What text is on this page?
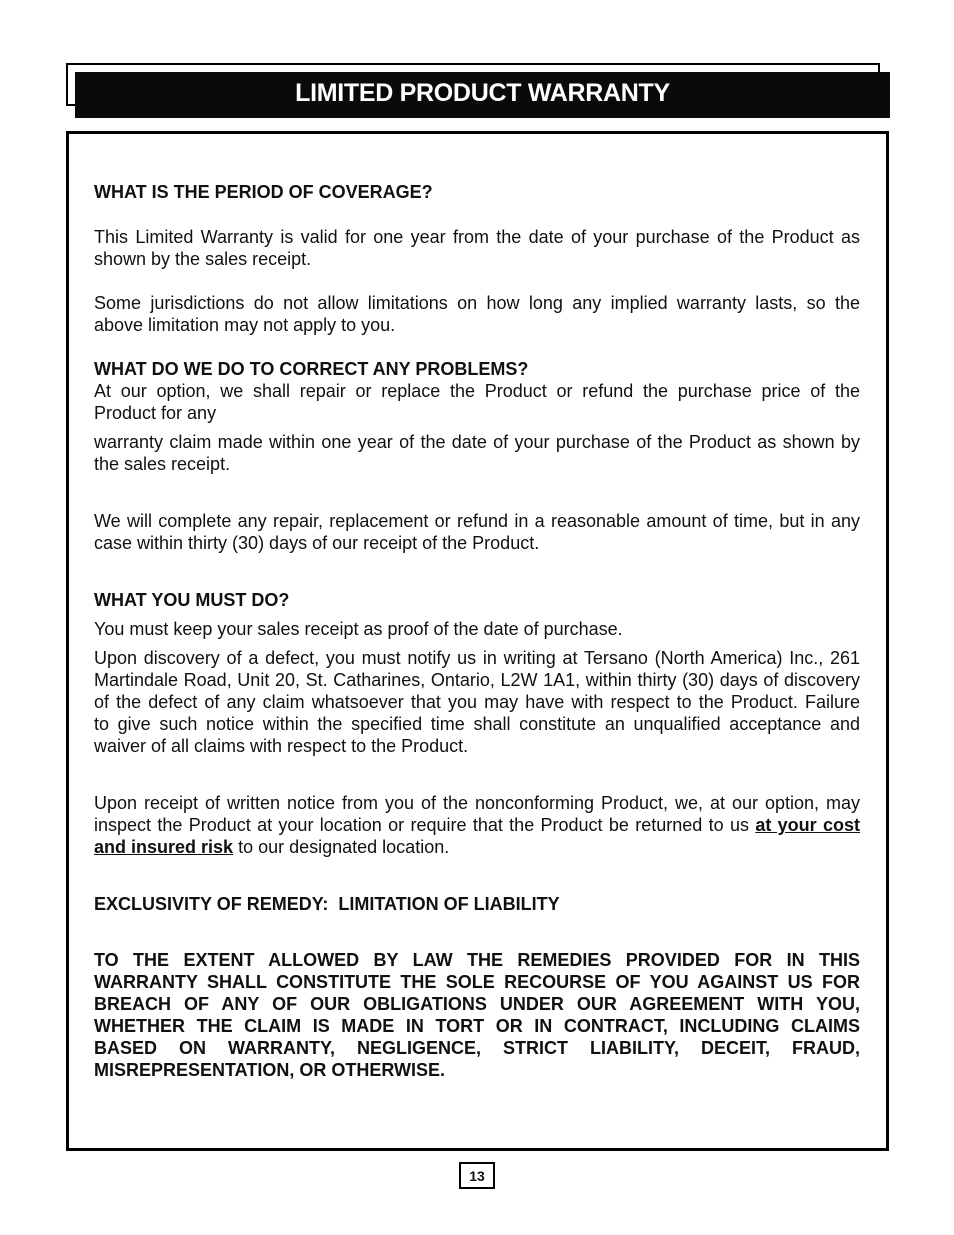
LIMITED PRODUCT WARRANTY
WHAT IS THE PERIOD OF COVERAGE?
This Limited Warranty is valid for one year from the date of your purchase of the Product as
shown by the sales receipt.
Some jurisdictions do not allow limitations on how long any implied warranty lasts, so the
above limitation may not apply to you.
WHAT DO WE DO TO CORRECT ANY PROBLEMS?
At our option, we shall repair or replace the Product or refund the purchase price of the
Product for any
warranty claim made within one year of the date of your purchase of the Product as shown by
the sales receipt.
We will complete any repair, replacement or refund in a reasonable amount of time, but in any
case within thirty (30) days of our receipt of the Product.
WHAT YOU MUST DO?
You must keep your sales receipt as proof of the date of purchase.
Upon discovery of a defect, you must notify us in writing at Tersano (North America) Inc., 261
Martindale Road, Unit 20, St. Catharines, Ontario, L2W 1A1, within thirty (30) days of discovery
of the defect of any claim whatsoever that you may have with respect to the Product. Failure
to give such notice within the specified time shall constitute an unqualified acceptance and
waiver of all claims with respect to the Product.
Upon receipt of written notice from you of the nonconforming Product, we, at our option, may
inspect the Product at your location or require that the Product be returned to us at your cost
and insured risk to our designated location.
EXCLUSIVITY OF REMEDY:  LIMITATION OF LIABILITY
TO THE EXTENT ALLOWED BY LAW THE REMEDIES PROVIDED FOR IN THIS
WARRANTY SHALL CONSTITUTE THE SOLE RECOURSE OF YOU AGAINST US FOR
BREACH OF ANY OF OUR OBLIGATIONS UNDER OUR AGREEMENT WITH YOU,
WHETHER THE CLAIM IS MADE IN TORT OR IN CONTRACT, INCLUDING CLAIMS
BASED ON WARRANTY, NEGLIGENCE, STRICT LIABILITY, DECEIT, FRAUD,
MISREPRESENTATION, OR OTHERWISE.
13
